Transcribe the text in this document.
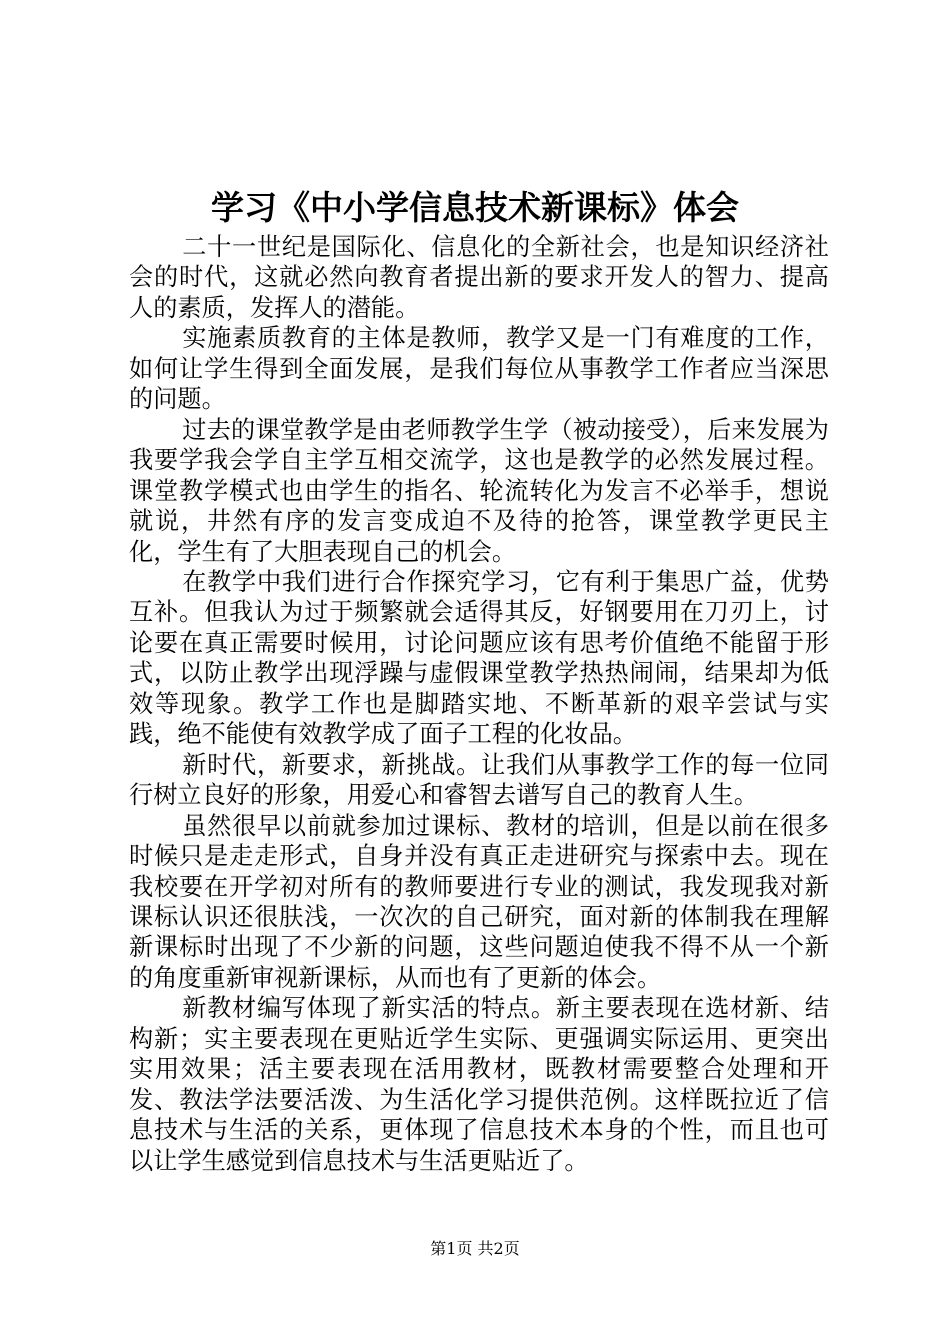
学习《中小学信息技术新课标》体会

二十一世纪是国际化、信息化的全新社会，也是知识经济社会的时代，这就必然向教育者提出新的要求开发人的智力、提高人的素质，发挥人的潜能。

实施素质教育的主体是教师，教学又是一门有难度的工作，如何让学生得到全面发展，是我们每位从事教学工作者应当深思的问题。

过去的课堂教学是由老师教学生学（被动接受），后来发展为我要学我会学自主学互相交流学，这也是教学的必然发展过程。课堂教学模式也由学生的指名、轮流转化为发言不必举手，想说就说，井然有序的发言变成迫不及待的抢答，课堂教学更民主化，学生有了大胆表现自己的机会。

在教学中我们进行合作探究学习，它有利于集思广益，优势互补。但我认为过于频繁就会适得其反，好钢要用在刀刃上，讨论要在真正需要时候用，讨论问题应该有思考价值绝不能留于形式，以防止教学出现浮躁与虚假课堂教学热热闹闹，结果却为低效等现象。教学工作也是脚踏实地、不断革新的艰辛尝试与实践，绝不能使有效教学成了面子工程的化妆品。

新时代，新要求，新挑战。让我们从事教学工作的每一位同行树立良好的形象，用爱心和睿智去谱写自己的教育人生。

虽然很早以前就参加过课标、教材的培训，但是以前在很多时候只是走走形式，自身并没有真正走进研究与探索中去。现在我校要在开学初对所有的教师要进行专业的测试，我发现我对新课标认识还很肤浅，一次次的自己研究，面对新的体制我在理解新课标时出现了不少新的问题，这些问题迫使我不得不从一个新的角度重新审视新课标，从而也有了更新的体会。

新教材编写体现了新实活的特点。新主要表现在选材新、结构新；实主要表现在更贴近学生实际、更强调实际运用、更突出实用效果；活主要表现在活用教材，既教材需要整合处理和开发、教法学法要活泼、为生活化学习提供范例。这样既拉近了信息技术与生活的关系，更体现了信息技术本身的个性，而且也可以让学生感觉到信息技术与生活更贴近了。

第1页 共2页
